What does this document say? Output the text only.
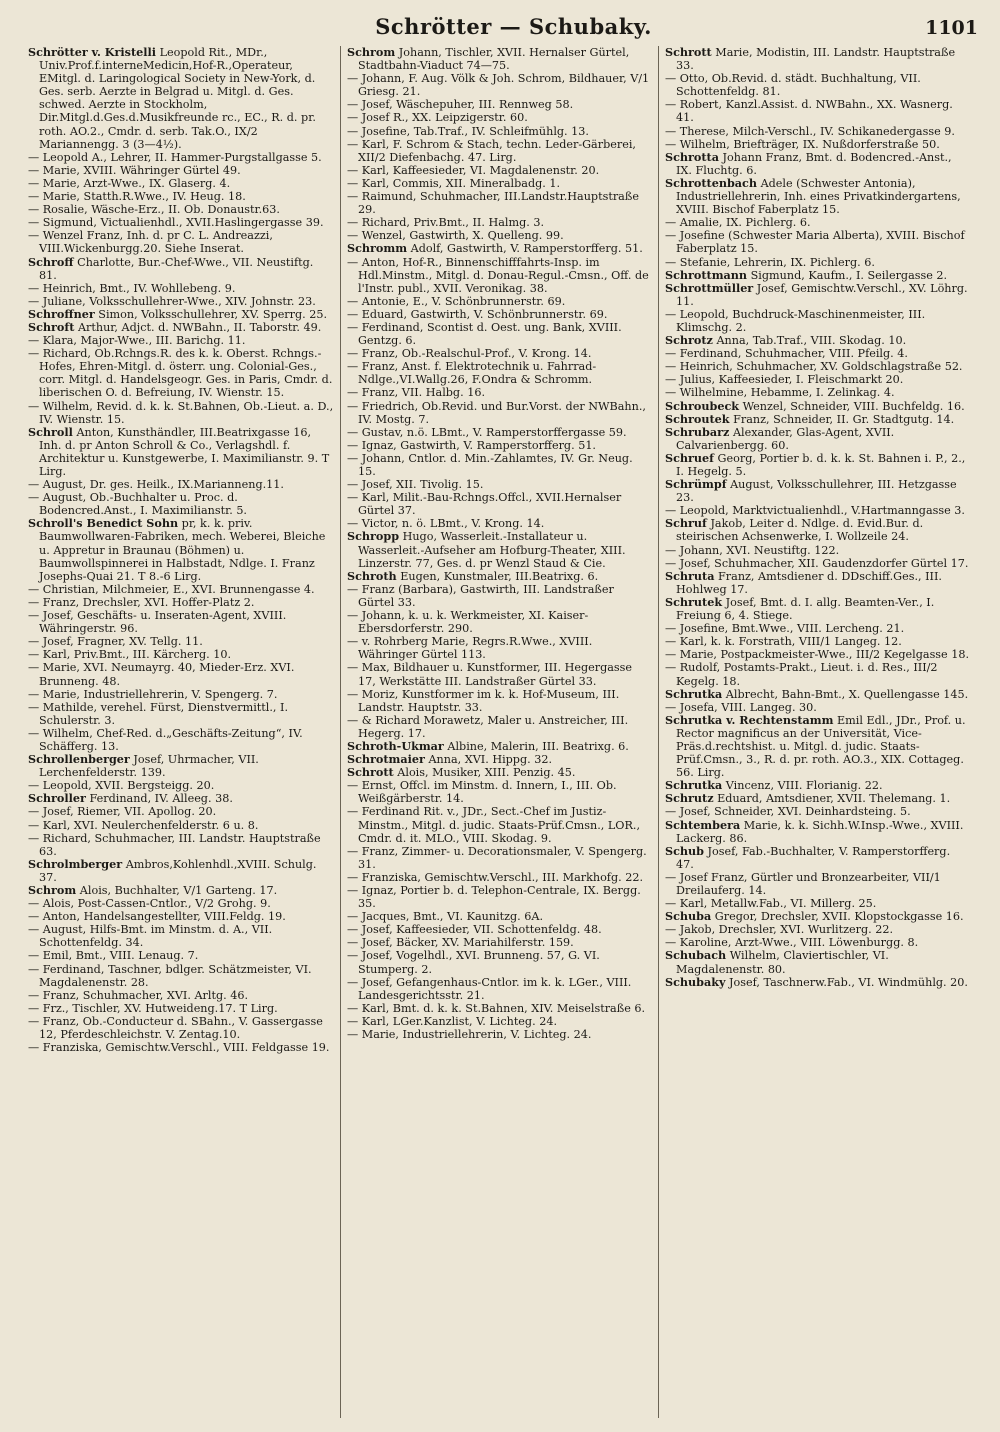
Schrötter — Schubaky.	1101

Schrötter v. Kristelli Leopold Rit., MDr., Univ.Prof.f.interneMedicin,Hof-R.,Operateur, EMitgl. d. Laringological Society in New-York, d. Ges. serb. Aerzte in Belgrad u. Mitgl. d. Ges. schwed. Aerzte in Stockholm, Dir.Mitgl.d.Ges.d.Musikfreunde rc., EC., R. d. pr. roth. AO.2., Cmdr. d. serb. Tak.O., IX/2 Mariannengg. 3 (3—4½).

— Leopold A., Lehrer, II. Hammer-Purgstallgasse 5.

— Marie, XVIII. Währinger Gürtel 49.

— Marie, Arzt-Wwe., IX. Glaserg. 4.

— Marie, Statth.R.Wwe., IV. Heug. 18.

— Rosalie, Wäsche-Erz., II. Ob. Donaustr.63.

— Sigmund, Victualienhdl., XVII.Haslingergasse 39.

— Wenzel Franz, Inh. d. pr C. L. Andreazzi, VIII.Wickenburgg.20. Siehe Inserat.

Schroff Charlotte, Bur.-Chef-Wwe., VII. Neustiftg. 81.

— Heinrich, Bmt., IV. Wohllebeng. 9.

— Juliane, Volksschullehrer-Wwe., XIV. Johnstr. 23.

Schroffner Simon, Volksschullehrer, XV. Sperrg. 25.

Schroft Arthur, Adjct. d. NWBahn., II. Taborstr. 49.

— Klara, Major-Wwe., III. Barichg. 11.

— Richard, Ob.Rchngs.R. des k. k. Oberst. Rchngs.-Hofes, Ehren-Mitgl. d. österr. ung. Colonial-Ges., corr. Mitgl. d. Handelsgeogr. Ges. in Paris, Cmdr. d. liberischen O. d. Befreiung, IV. Wienstr. 15.

— Wilhelm, Revid. d. k. k. St.Bahnen, Ob.-Lieut. a. D., IV. Wienstr. 15.

Schroll Anton, Kunsthändler, III.Beatrixgasse 16, Inh. d. pr Anton Schroll & Co., Verlagshdl. f. Architektur u. Kunstgewerbe, I. Maximilianstr. 9. T Lirg.

— August, Dr. ges. Heilk., IX.Marianneng.11.

— August, Ob.-Buchhalter u. Proc. d. Bodencred.Anst., I. Maximilianstr. 5.

Schroll's Benedict Sohn pr, k. k. priv. Baumwollwaren-Fabriken, mech. Weberei, Bleiche u. Appretur in Braunau (Böhmen) u. Baumwollspinnerei in Halbstadt, Ndlge. I. Franz Josephs-Quai 21. T 8.-6 Lirg.

— Christian, Milchmeier, E., XVI. Brunnengasse 4.

— Franz, Drechsler, XVI. Hoffer-Platz 2.

— Josef, Geschäfts- u. Inseraten-Agent, XVIII. Währingerstr. 96.

— Josef, Fragner, XV. Tellg. 11.

— Karl, Priv.Bmt., III. Kärcherg. 10.

— Marie, XVI. Neumayrg. 40, Mieder-Erz. XVI. Brunneng. 48.

— Marie, Industriellehrerin, V. Spengerg. 7.

— Mathilde, verehel. Fürst, Dienstvermittl., I. Schulerstr. 3.

— Wilhelm, Chef-Red. d.„Geschäfts-Zeitung“, IV. Schäfferg. 13.

Schrollenberger Josef, Uhrmacher, VII. Lerchenfelderstr. 139.

— Leopold, XVII. Bergsteigg. 20.

Schroller Ferdinand, IV. Alleeg. 38.

— Josef, Riemer, VII. Apollog. 20.

— Karl, XVI. Neulerchenfelderstr. 6 u. 8.

— Richard, Schuhmacher, III. Landstr. Hauptstraße 63.

Schrolmberger Ambros,Kohlenhdl.,XVIII. Schulg. 37.

Schrom Alois, Buchhalter, V/1 Garteng. 17.

— Alois, Post-Cassen-Cntlor., V/2 Grohg. 9.

— Anton, Handelsangestellter, VIII.Feldg. 19.

— August, Hilfs-Bmt. im Minstm. d. A., VII. Schottenfeldg. 34.

— Emil, Bmt., VIII. Lenaug. 7.

— Ferdinand, Taschner, bdlger. Schätzmeister, VI. Magdalenenstr. 28.

— Franz, Schuhmacher, XVI. Arltg. 46.

— Frz., Tischler, XV. Hutweideng.17. T Lirg.

— Franz, Ob.-Conducteur d. SBahn., V. Gassergasse 12, Pferdeschleichstr. V. Zentag.10.

— Franziska, Gemischtw.Verschl., VIII. Feldgasse 19.

Schrom Johann, Tischler, XVII. Hernalser Gürtel, Stadtbahn-Viaduct 74—75.

— Johann, F. Aug. Völk & Joh. Schrom, Bildhauer, V/1 Griesg. 21.

— Josef, Wäschepuher, III. Rennweg 58.

— Josef R., XX. Leipzigerstr. 60.

— Josefine, Tab.Traf., IV. Schleifmühlg. 13.

— Karl, F. Schrom & Stach, techn. Leder-Gärberei, XII/2 Diefenbachg. 47. Lirg.

— Karl, Kaffeesieder, VI. Magdalenenstr. 20.

— Karl, Commis, XII. Mineralbadg. 1.

— Raimund, Schuhmacher, III.Landstr.Hauptstraße 29.

— Richard, Priv.Bmt., II. Halmg. 3.

— Wenzel, Gastwirth, X. Quelleng. 99.

Schromm Adolf, Gastwirth, V. Ramperstorfferg. 51.

— Anton, Hof-R., Binnenschifffahrts-Insp. im Hdl.Minstm., Mitgl. d. Donau-Regul.-Cmsn., Off. de l'Instr. publ., XVII. Veronikag. 38.

— Antonie, E., V. Schönbrunnerstr. 69.

— Eduard, Gastwirth, V. Schönbrunnerstr. 69.

— Ferdinand, Scontist d. Oest. ung. Bank, XVIII. Gentzg. 6.

— Franz, Ob.-Realschul-Prof., V. Krong. 14.

— Franz, Anst. f. Elektrotechnik u. Fahrrad-Ndlge.,VI.Wallg.26, F.Ondra & Schromm.

— Franz, VII. Halbg. 16.

— Friedrich, Ob.Revid. und Bur.Vorst. der NWBahn., IV. Mostg. 7.

— Gustav, n.ö. LBmt., V. Ramperstorffergasse 59.

— Ignaz, Gastwirth, V. Ramperstorfferg. 51.

— Johann, Cntlor. d. Min.-Zahlamtes, IV. Gr. Neug. 15.

— Josef, XII. Tivolig. 15.

— Karl, Milit.-Bau-Rchngs.Offcl., XVII.Hernalser Gürtel 37.

— Victor, n. ö. LBmt., V. Krong. 14.

Schropp Hugo, Wasserleit.-Installateur u. Wasserleit.-Aufseher am Hofburg-Theater, XIII. Linzerstr. 77, Ges. d. pr Wenzl Staud & Cie.

Schroth Eugen, Kunstmaler, III.Beatrixg. 6.

— Franz (Barbara), Gastwirth, III. Landstraßer Gürtel 33.

— Johann, k. u. k. Werkmeister, XI. Kaiser-Ebersdorferstr. 290.

— v. Rohrberg Marie, Regrs.R.Wwe., XVIII. Währinger Gürtel 113.

— Max, Bildhauer u. Kunstformer, III. Hegergasse 17, Werkstätte III. Landstraßer Gürtel 33.

— Moriz, Kunstformer im k. k. Hof-Museum, III. Landstr. Hauptstr. 33.

— & Richard Morawetz, Maler u. Anstreicher, III. Hegerg. 17.

Schroth-Ukmar Albine, Malerin, III. Beatrixg. 6.

Schrotmaier Anna, XVI. Hippg. 32.

Schrott Alois, Musiker, XIII. Penzig. 45.

— Ernst, Offcl. im Minstm. d. Innern, I., III. Ob. Weißgärberstr. 14.

— Ferdinand Rit. v., JDr., Sect.-Chef im Justiz-Minstm., Mitgl. d. judic. Staats-Prüf.Cmsn., LOR., Cmdr. d. it. MLO., VIII. Skodag. 9.

— Franz, Zimmer- u. Decorationsmaler, V. Spengerg. 31.

— Franziska, Gemischtw.Verschl., III. Markhofg. 22.

— Ignaz, Portier b. d. Telephon-Centrale, IX. Bergg. 35.

— Jacques, Bmt., VI. Kaunitzg. 6A.

— Josef, Kaffeesieder, VII. Schottenfeldg. 48.

— Josef, Bäcker, XV. Mariahilferstr. 159.

— Josef, Vogelhdl., XVI. Brunneng. 57, G. VI. Stumperg. 2.

— Josef, Gefangenhaus-Cntlor. im k. k. LGer., VIII. Landesgerichtsstr. 21.

— Karl, Bmt. d. k. k. St.Bahnen, XIV. Meiselstraße 6.

— Karl, LGer.Kanzlist, V. Lichteg. 24.

— Marie, Industriellehrerin, V. Lichteg. 24.

Schrott Marie, Modistin, III. Landstr. Hauptstraße 33.

— Otto, Ob.Revid. d. städt. Buchhaltung, VII. Schottenfeldg. 81.

— Robert, Kanzl.Assist. d. NWBahn., XX. Wasnerg. 41.

— Therese, Milch-Verschl., IV. Schikanedergasse 9.

— Wilhelm, Briefträger, IX. Nußdorferstraße 50.

Schrotta Johann Franz, Bmt. d. Bodencred.-Anst., IX. Fluchtg. 6.

Schrottenbach Adele (Schwester Antonia), Industriellehrerin, Inh. eines Privatkindergartens, XVIII. Bischof Faberplatz 15.

— Amalie, IX. Pichlerg. 6.

— Josefine (Schwester Maria Alberta), XVIII. Bischof Faberplatz 15.

— Stefanie, Lehrerin, IX. Pichlerg. 6.

Schrottmann Sigmund, Kaufm., I. Seilergasse 2.

Schrottmüller Josef, Gemischtw.Verschl., XV. Löhrg. 11.

— Leopold, Buchdruck-Maschinenmeister, III. Klimschg. 2.

Schrotz Anna, Tab.Traf., VIII. Skodag. 10.

— Ferdinand, Schuhmacher, VIII. Pfeilg. 4.

— Heinrich, Schuhmacher, XV. Goldschlagstraße 52.

— Julius, Kaffeesieder, I. Fleischmarkt 20.

— Wilhelmine, Hebamme, I. Zelinkag. 4.

Schroubeck Wenzel, Schneider, VIII. Buchfeldg. 16.

Schroutek Franz, Schneider, II. Gr. Stadtgutg. 14.

Schrubarz Alexander, Glas-Agent, XVII. Calvarienbergg. 60.

Schruef Georg, Portier b. d. k. k. St. Bahnen i. P., 2., I. Hegelg. 5.

Schrümpf August, Volksschullehrer, III. Hetzgasse 23.

— Leopold, Marktvictualienhdl., V.Hartmanngasse 3.

Schruf Jakob, Leiter d. Ndlge. d. Evid.Bur. d. steirischen Achsenwerke, I. Wollzeile 24.

— Johann, XVI. Neustiftg. 122.

— Josef, Schuhmacher, XII. Gaudenzdorfer Gürtel 17.

Schruta Franz, Amtsdiener d. DDschiff.Ges., III. Hohlweg 17.

Schrutek Josef, Bmt. d. I. allg. Beamten-Ver., I. Freiung 6, 4. Stiege.

— Josefine, Bmt.Wwe., VIII. Lercheng. 21.

— Karl, k. k. Forstrath, VIII/1 Langeg. 12.

— Marie, Postpackmeister-Wwe., III/2 Kegelgasse 18.

— Rudolf, Postamts-Prakt., Lieut. i. d. Res., III/2 Kegelg. 18.

Schrutka Albrecht, Bahn-Bmt., X. Quellengasse 145.

— Josefa, VIII. Langeg. 30.

Schrutka v. Rechtenstamm Emil Edl., JDr., Prof. u. Rector magnificus an der Universität, Vice-Präs.d.rechtshist. u. Mitgl. d. judic. Staats-Prüf.Cmsn., 3., R. d. pr. roth. AO.3., XIX. Cottageg. 56. Lirg.

Schrutka Vincenz, VIII. Florianig. 22.

Schrutz Eduard, Amtsdiener, XVII. Thelemang. 1.

— Josef, Schneider, XVI. Deinhardsteing. 5.

Schtembera Marie, k. k. Sichh.W.Insp.-Wwe., XVIII. Lackerg. 86.

Schub Josef, Fab.-Buchhalter, V. Ramperstorfferg. 47.

— Josef Franz, Gürtler und Bronzearbeiter, VII/1 Dreilauferg. 14.

— Karl, Metallw.Fab., VI. Millerg. 25.

Schuba Gregor, Drechsler, XVII. Klopstockgasse 16.

— Jakob, Drechsler, XVI. Wurlitzerg. 22.

— Karoline, Arzt-Wwe., VIII. Löwenburgg. 8.

Schubach Wilhelm, Claviertischler, VI. Magdalenenstr. 80.

Schubaky Josef, Taschnerw.Fab., VI. Windmühlg. 20.
